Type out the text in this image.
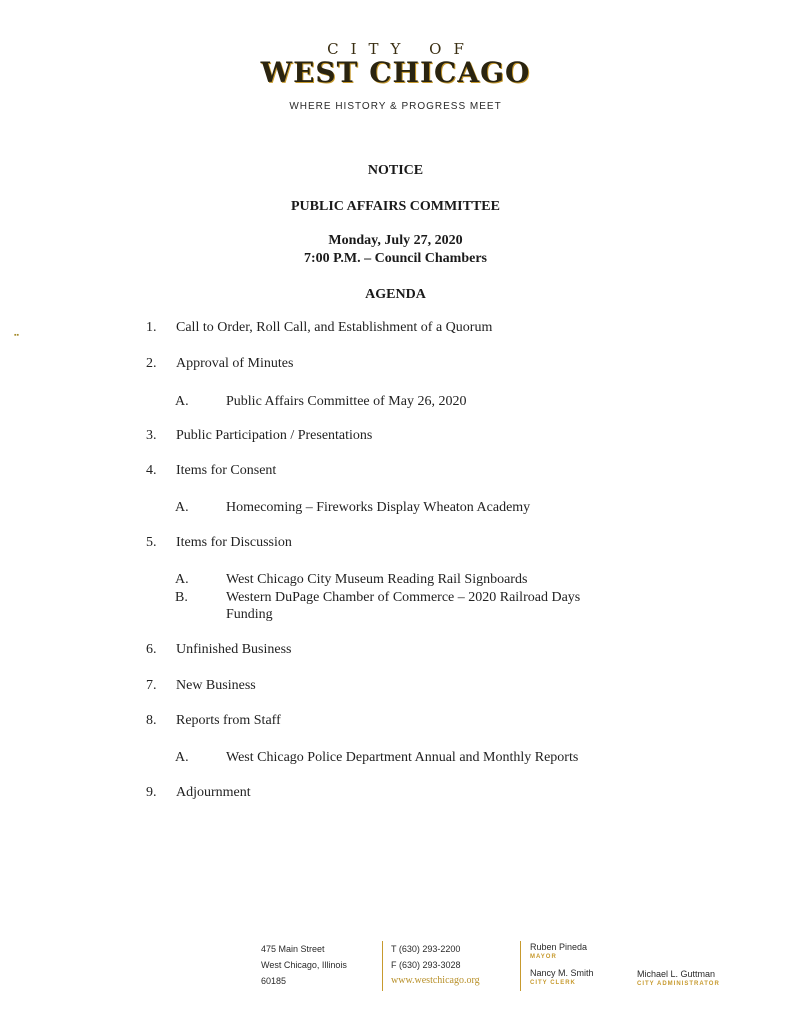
CITY OF
WEST CHICAGO
WHERE HISTORY & PROGRESS MEET
NOTICE
PUBLIC AFFAIRS COMMITTEE
Monday, July 27, 2020
7:00 P.M. – Council Chambers
AGENDA
▪▪	1. Call to Order, Roll Call, and Establishment of a Quorum
2. Approval of Minutes
A.	Public Affairs Committee of May 26, 2020
3. Public Participation / Presentations
4. Items for Consent
A.	Homecoming – Fireworks Display Wheaton Academy
5. Items for Discussion
A.	West Chicago City Museum Reading Rail Signboards
B.	Western DuPage Chamber of Commerce – 2020 Railroad Days Funding
6. Unfinished Business
7. New Business
8. Reports from Staff
A.	West Chicago Police Department Annual and Monthly Reports
9. Adjournment
475 Main Street
West Chicago, Illinois
60185
T (630) 293-2200
F (630) 293-3028
www.westchicago.org
Ruben Pineda
MAYOR
Nancy M. Smith
CITY CLERK
Michael L. Guttman
CITY ADMINISTRATOR
